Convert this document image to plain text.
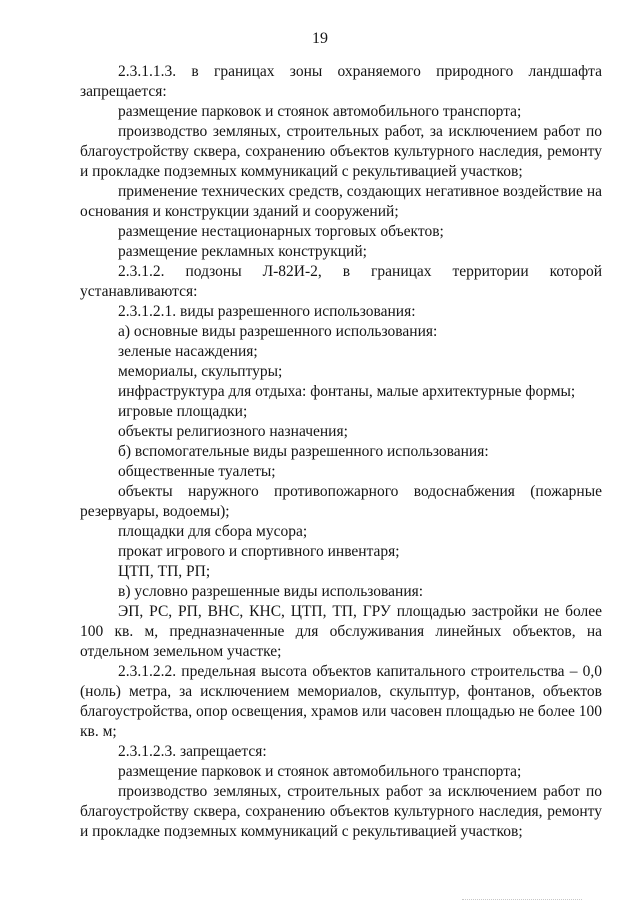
19

2.3.1.1.3. в границах зоны охраняемого природного ландшафта запрещается:

размещение парковок и стоянок автомобильного транспорта;

производство земляных, строительных работ, за исключением работ по благоустройству сквера, сохранению объектов культурного наследия, ремонту и прокладке подземных коммуникаций с рекультивацией участков;

применение технических средств, создающих негативное воздействие на основания и конструкции зданий и сооружений;

размещение нестационарных торговых объектов;

размещение рекламных конструкций;

2.3.1.2. подзоны Л-82И-2, в границах территории которой устанавливаются:

2.3.1.2.1. виды разрешенного использования:

а) основные виды разрешенного использования:

зеленые насаждения;

мемориалы, скульптуры;

инфраструктура для отдыха: фонтаны, малые архитектурные формы;

игровые площадки;

объекты религиозного назначения;

б) вспомогательные виды разрешенного использования:

общественные туалеты;

объекты наружного противопожарного водоснабжения (пожарные резервуары, водоемы);

площадки для сбора мусора;

прокат игрового и спортивного инвентаря;

ЦТП, ТП, РП;

в) условно разрешенные виды использования:

ЭП, РС, РП, ВНС, КНС, ЦТП, ТП, ГРУ площадью застройки не более 100 кв. м, предназначенные для обслуживания линейных объектов, на отдельном земельном участке;

2.3.1.2.2. предельная высота объектов капитального строительства – 0,0 (ноль) метра, за исключением мемориалов, скульптур, фонтанов, объектов благоустройства, опор освещения, храмов или часовен площадью не более 100 кв. м;

2.3.1.2.3. запрещается:

размещение парковок и стоянок автомобильного транспорта;

производство земляных, строительных работ за исключением работ по благоустройству сквера, сохранению объектов культурного наследия, ремонту и прокладке подземных коммуникаций с рекультивацией участков;
